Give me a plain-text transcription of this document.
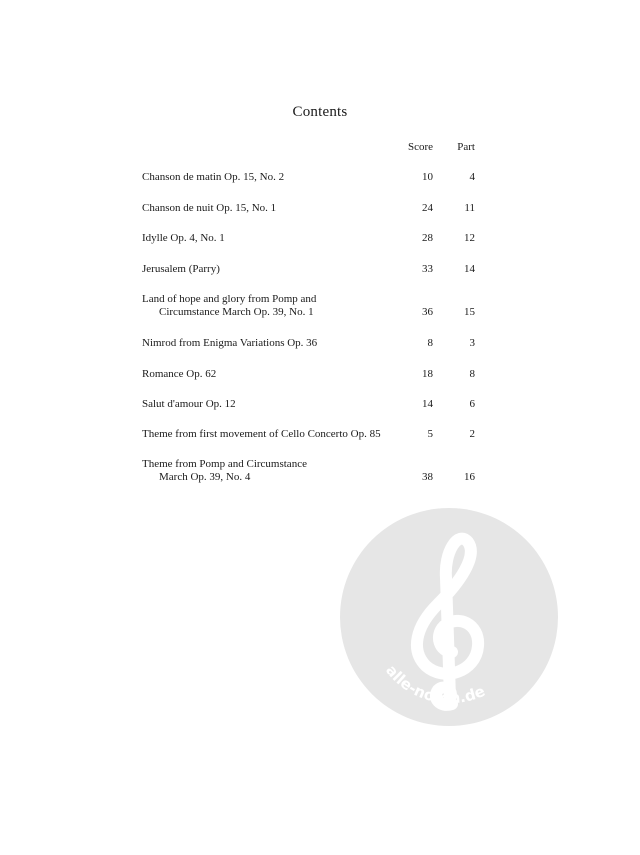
Contents
Score Part
Chanson de matin Op. 15, No. 2	10	4
Chanson de nuit Op. 15, No. 1	24	11
Idylle Op. 4, No. 1	28	12
Jerusalem (Parry)	33	14
Land of hope and glory from Pomp and
Circumstance March Op. 39, No. 1	36	15
Nimrod from Enigma Variations Op. 36	8	3
Romance Op. 62	18	8
Salut d'amour Op. 12	14	6
Theme from first movement of Cello Concerto Op. 85	5	2
Theme from Pomp and Circumstance
March Op. 39, No. 4	38	16
alle-noten.de
